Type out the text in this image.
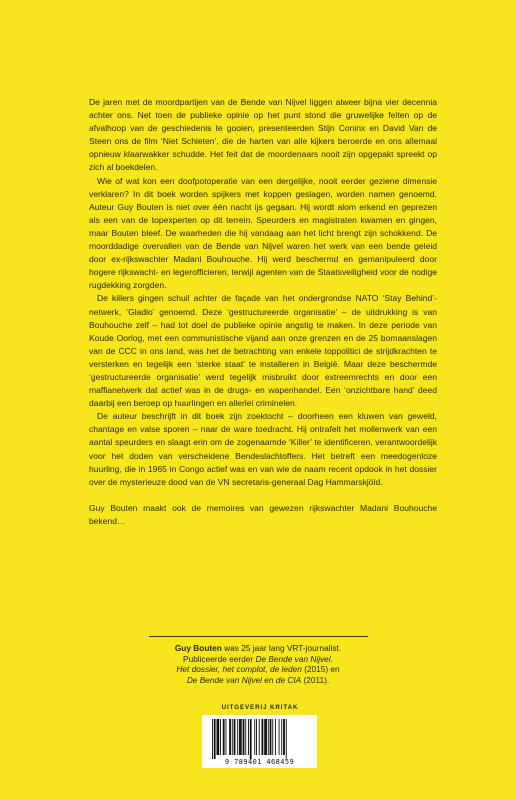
De jaren met de moordpartijen van de Bende van Nijvel liggen alweer bijna vier decennia achter ons. Net toen de publieke opinie op het punt stond die gruwelijke feiten op de afvalhoop van de geschiedenis te gooien, presenteerden Stijn Coninx en David Van de Steen ons de film ‘Niet Schieten’, die de harten van alle kijkers beroerde en ons allemaal opnieuw klaarwakker schudde. Het feit dat de moordenaars nooit zijn opgepakt spreekt op zich al boekdelen.

Wie of wat kon een doofpotoperatie van een dergelijke, nooit eerder geziene dimensie verklaren? In dit boek worden spijkers met koppen geslagen, worden namen genoemd. Auteur Guy Bouten is niet over één nacht ijs gegaan. Hij wordt alom erkend en geprezen als een van de topexperten op dit terrein. Speurders en magistraten kwamen en gingen, maar Bouten bleef. De waarheden die hij vandaag aan het licht brengt zijn schokkend. De moorddadige overvallen van de Bende van Nijvel waren het werk van een bende geleid door ex-rijkswachter Madani Bouhouche. Hij werd beschermd en gemanipuleerd door hogere rijkswacht- en legerofficieren, terwijl agenten van de Staatsveiligheid voor de nodige rugdekking zorgden.

De killers gingen schuil achter de façade van het ondergrondse NATO ‘Stay Behind’-netwerk, ‘Gladio’ genoemd. Deze ‘gestructureerde organisatie’ – de uitdrukking is van Bouhouche zelf – had tot doel de publieke opinie angstig te maken. In deze periode van Koude Oorlog, met een communistische vijand aan onze grenzen en de 25 bomaanslagen van de CCC in ons land, was het de betrachting van enkele toppolitici de strijdkrachten te versterken en tegelijk een ‘sterke staat’ te installeren in België. Maar deze beschermde ‘gestructureerde organisatie’ werd tegelijk misbruikt door extreemrechts en door een maffianetwerk dat actief was in de drugs- en wapenhandel. Een ‘onzichtbare hand’ deed daarbij een beroep op huurlingen en allerlei criminelen.

De auteur beschrijft in dit boek zijn zoektocht – doorheen een kluwen van geweld, chantage en valse sporen – naar de ware toedracht. Hij ontrafelt het mollenwerk van een aantal speurders en slaagt erin om de zogenaamde ‘Killer’ te identificeren, verantwoordelijk voor het doden van verscheidene Bendeslachtoffers. Het betreft een meedogenloze huurling, die in 1965 in Congo actief was en van wie de naam recent opdook in het dossier over de mysterieuze dood van de VN secretaris-generaal Dag Hammarskjöld.

Guy Bouten maakt ook de memoires van gewezen rijkswachter Madani Bouhouche bekend…

Guy Bouten was 25 jaar lang VRT-journalist.
Publiceerde eerder De Bende van Nijvel.
Het dossier, het complot, de leden (2015) en
De Bende van Nijvel en de CIA (2011).
UITGEVERIJ KRITAK
9 789401 468459
